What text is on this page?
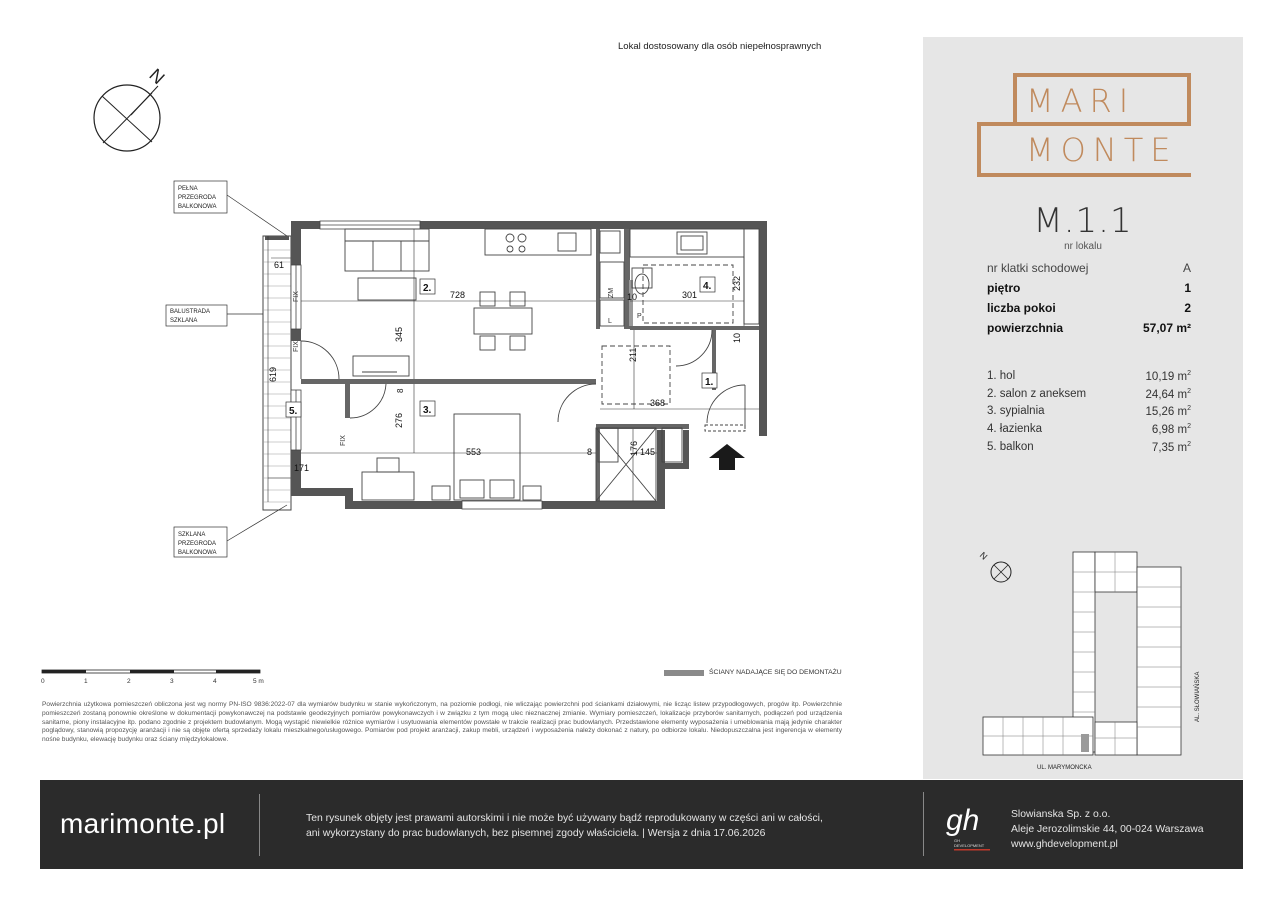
Lokal dostosowany dla osób niepełnosprawnych
N
PEŁNA
PRZEGRODA
BALKONOWA
BALUSTRADA
SZKLANA
SZKLANA
PRZEGRODA
BALKONOWA
1.
2.
3.
4.
5.
61
728
345
619
171
276
553
8
8
10
10
301
232
211
368
176 145
FIX
FIX
FIX
ZM
L
P
0	1	2	3	4	5 m
ŚCIANY NADAJĄCE SIĘ DO DEMONTAŻU
Powierzchnia użytkowa pomieszczeń obliczona jest wg normy PN-ISO 9836:2022-07 dla wymiarów budynku w stanie wykończonym, na poziomie podłogi, nie wliczając powierzchni pod ściankami działowymi, nie licząc listew przypodłogowych, progów itp. Powierzchnie pomieszczeń zostaną ponownie określone w dokumentacji powykonawczej na podstawie geodezyjnych pomiarów powykonawczych i w związku z tym mogą ulec nieznacznej zmianie. Wymiary pomieszczeń, lokalizacje przyborów sanitarnych, podłączeń pod urządzenia sanitarne, piony instalacyjne itp. podano zgodnie z projektem budowlanym. Mogą wystąpić niewielkie różnice wymiarów i usytuowania elementów powstałe w trakcie realizacji prac budowlanych. Przedstawione elementy wyposażenia i umeblowania mają jedynie charakter poglądowy, stanowią propozycję aranżacji i nie są objęte ofertą sprzedaży lokalu mieszkalnego/usługowego. Pomiarów pod projekt aranżacji, zakup mebli, urządzeń i wyposażenia należy dokonać z natury, po odbiorze lokalu. Niedopuszczalna jest ingerencja w elementy nośne budynku, elewację budynku oraz ściany międzylokalowe.
MARI
MONTE
M.1.1
nr lokalu
nr klatki schodowej	A
piętro	1
liczba pokoi	2
powierzchnia	57,07 m²
1. hol	10,19 $m^2$
2. salon z aneksem	24,64 $m^2$
3. sypialnia	15,26 $m^2$
4. łazienka	6,98 $m^2$
5. balkon	7,35 $m^2$
N
UL. MARYMONCKA
AL. SŁOWIAŃSKA
marimonte.pl	Ten rysunek objęty jest prawami autorskimi i nie może być używany bądź reprodukowany w części ani w całości,
ani wykorzystany do prac budowlanych, bez pisemnej zgody właściciela. | Wersja z dnia 17.06.2026	gh
GH
DEVELOPMENT
Slowianska Sp. z o.o.
Aleje Jerozolimskie 44, 00-024 Warszawa
www.ghdevelopment.pl
